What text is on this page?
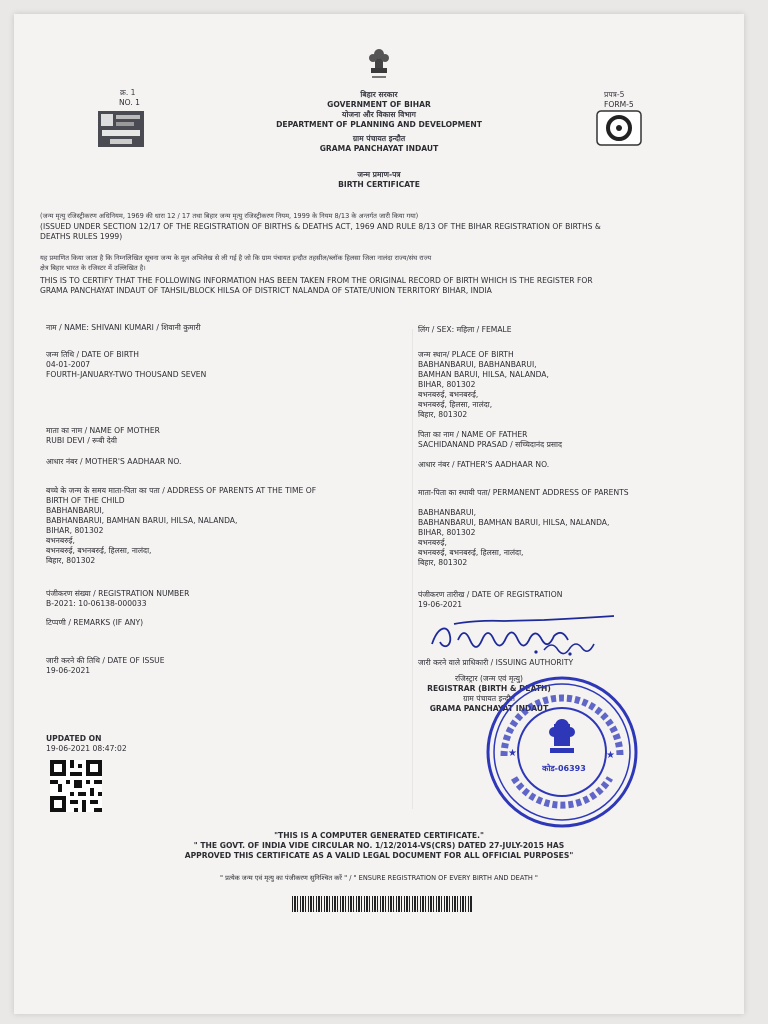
क्र. 1
NO. 1
प्रपत्र-5
FORM-5
बिहार सरकार
GOVERNMENT OF BIHAR
योजना और विकास विभाग
DEPARTMENT OF PLANNING AND DEVELOPMENT
ग्राम पंचायत इन्दौत
GRAMA PANCHAYAT INDAUT
जन्म प्रमाण-पत्र
BIRTH CERTIFICATE
(जन्म मृत्यु रजिस्ट्रीकरण अधिनियम, 1969 की धारा 12 / 17 तथा बिहार जन्म मृत्यु रजिस्ट्रीकरण नियम, 1999 के नियम 8/13 के अन्तर्गत जारी किया गया)
(ISSUED UNDER SECTION 12/17 OF THE REGISTRATION OF BIRTHS & DEATHS ACT, 1969 AND RULE 8/13 OF THE BIHAR REGISTRATION OF BIRTHS &
DEATHS RULES 1999)
यह प्रमाणित किया जाता है कि निम्नलिखित सूचना जन्म के मूल अभिलेख से ली गई है जो कि ग्राम पंचायत इन्दौत तहसील/ब्लॉक हिलसा जिला नालंदा राज्य/संघ राज्य
क्षेत्र बिहार भारत के रजिस्टर में उल्लिखित है।
THIS IS TO CERTIFY THAT THE FOLLOWING INFORMATION HAS BEEN TAKEN FROM THE ORIGINAL RECORD OF BIRTH WHICH IS THE REGISTER FOR
GRAMA PANCHAYAT INDAUT OF TAHSIL/BLOCK HILSA OF DISTRICT NALANDA OF STATE/UNION TERRITORY BIHAR, INDIA
नाम / NAME: SHIVANI KUMARI / शिवानी कुमारी
जन्म तिथि / DATE OF BIRTH
04-01-2007
FOURTH-JANUARY-TWO THOUSAND SEVEN
माता का नाम / NAME OF MOTHER
RUBI DEVI / रूबी देवी
आधार नंबर / MOTHER'S AADHAAR NO.
बच्चे के जन्म के समय माता-पिता का पता / ADDRESS OF PARENTS AT THE TIME OF
BIRTH OF THE CHILD
BABHANBARUI,
BABHANBARUI, BAMHAN BARUI, HILSA, NALANDA,
BIHAR, 801302
बभनबरुई,
बभनबरुई, बभनबरुई, हिलसा, नालंदा,
बिहार, 801302
पंजीकरण संख्या / REGISTRATION NUMBER
B-2021: 10-06138-000033
टिप्पणी / REMARKS (IF ANY)
जारी करने की तिथि / DATE OF ISSUE
19-06-2021
लिंग / SEX: महिला / FEMALE
जन्म स्थान/ PLACE OF BIRTH
BABHANBARUI, BABHANBARUI,
BAMHAN BARUI, HILSA, NALANDA,
BIHAR, 801302
बभनबरुई, बभनबरुई,
बभनबरुई, हिलसा, नालंदा,
बिहार, 801302
पिता का नाम / NAME OF FATHER
SACHIDANAND PRASAD / सच्चिदानंद प्रसाद
आधार नंबर / FATHER'S AADHAAR NO.
माता-पिता का स्थायी पता/ PERMANENT ADDRESS OF PARENTS
BABHANBARUI,
BABHANBARUI, BAMHAN BARUI, HILSA, NALANDA,
BIHAR, 801302
बभनबरुई,
बभनबरुई, बभनबरुई, हिलसा, नालंदा,
बिहार, 801302
पंजीकरण तारीख / DATE OF REGISTRATION
19-06-2021
जारी करने वाले प्राधिकारी / ISSUING AUTHORITY
रजिस्ट्रार (जन्म एवं मृत्यु)
REGISTRAR (BIRTH & DEATH)
ग्राम पंचायत इन्दौत
GRAMA PANCHAYAT INDAUT
★	★
कोड-06393
UPDATED ON
19-06-2021 08:47:02
"THIS IS A COMPUTER GENERATED CERTIFICATE."
" THE GOVT. OF INDIA VIDE CIRCULAR NO. 1/12/2014-VS(CRS) DATED 27-JULY-2015 HAS
APPROVED THIS CERTIFICATE AS A VALID LEGAL DOCUMENT FOR ALL OFFICIAL PURPOSES"
" प्रत्येक जन्म एवं मृत्यु का पंजीकरण सुनिश्चित करें " / " ENSURE REGISTRATION OF EVERY BIRTH AND DEATH "
